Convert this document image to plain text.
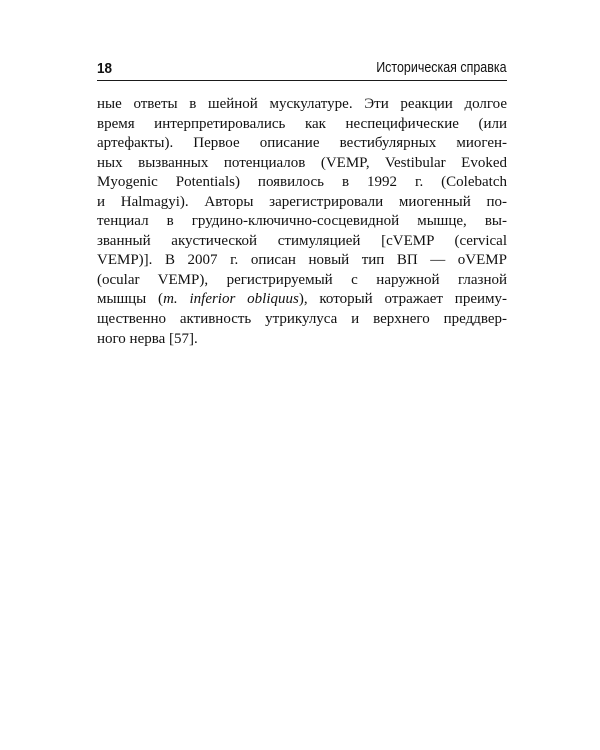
18	Историческая справка
ные ответы в шейной мускулатуре. Эти реакции долгое
время интерпретировались как неспецифические (или
артефакты). Первое описание вестибулярных миоген-
ных вызванных потенциалов (VEMP, Vestibular Evoked
Myogenic Potentials) появилось в 1992 г. (Colebatch
и Halmagyi). Авторы зарегистрировали миогенный по-
тенциал в грудино-ключично-сосцевидной мышце, вы-
званный акустической стимуляцией [cVEMP (cervical
VEMP)]. В 2007 г. описан новый тип ВП — oVEMP
(ocular VEMP), регистрируемый с наружной глазной
мышцы (m. inferior obliquus), который отражает преиму-
щественно активность утрикулуса и верхнего преддвер-
ного нерва [57].
